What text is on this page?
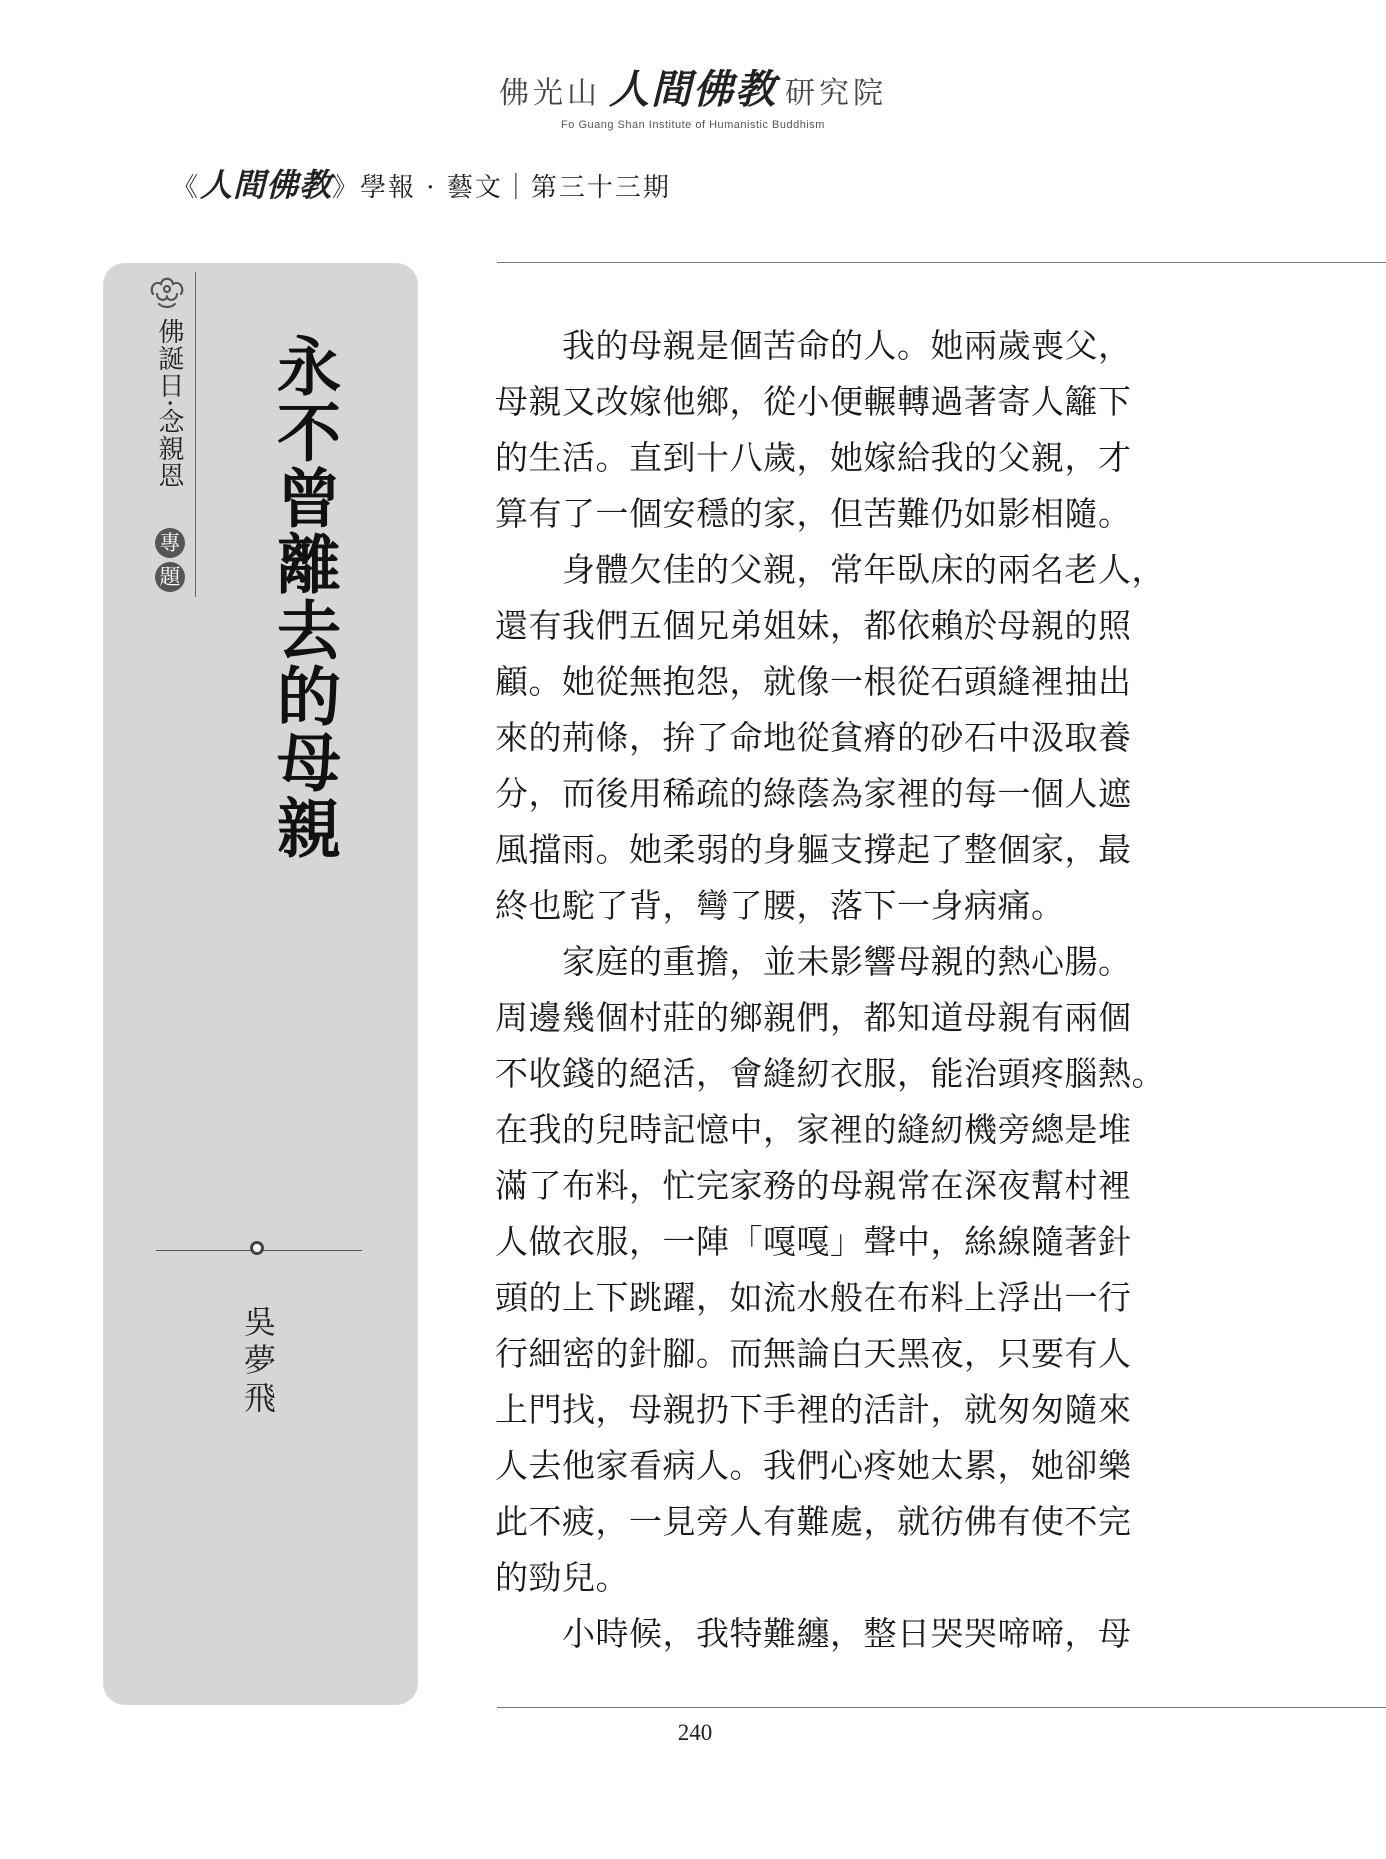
佛光山 人間佛教 研究院
Fo Guang Shan Institute of Humanistic Buddhism
《人間佛教》學報 · 藝文｜第三十三期
佛誕日·念親恩
專
題 永不曾離去的母親
吳夢飛
　　我的母親是個苦命的人。她兩歲喪父，
母親又改嫁他鄉，從小便輾轉過著寄人籬下
的生活。直到十八歲，她嫁給我的父親，才
算有了一個安穩的家，但苦難仍如影相隨。
　　身體欠佳的父親，常年臥床的兩名老人，
還有我們五個兄弟姐妹，都依賴於母親的照
顧。她從無抱怨，就像一根從石頭縫裡抽出
來的荊條，拚了命地從貧瘠的砂石中汲取養
分，而後用稀疏的綠蔭為家裡的每一個人遮
風擋雨。她柔弱的身軀支撐起了整個家，最
終也駝了背，彎了腰，落下一身病痛。
　　家庭的重擔，並未影響母親的熱心腸。
周邊幾個村莊的鄉親們，都知道母親有兩個
不收錢的絕活，會縫紉衣服，能治頭疼腦熱。
在我的兒時記憶中，家裡的縫紉機旁總是堆
滿了布料，忙完家務的母親常在深夜幫村裡
人做衣服，一陣「嘎嘎」聲中，絲線隨著針
頭的上下跳躍，如流水般在布料上浮出一行
行細密的針腳。而無論白天黑夜，只要有人
上門找，母親扔下手裡的活計，就匆匆隨來
人去他家看病人。我們心疼她太累，她卻樂
此不疲，一見旁人有難處，就彷佛有使不完
的勁兒。
　　小時候，我特難纏，整日哭哭啼啼，母
240
